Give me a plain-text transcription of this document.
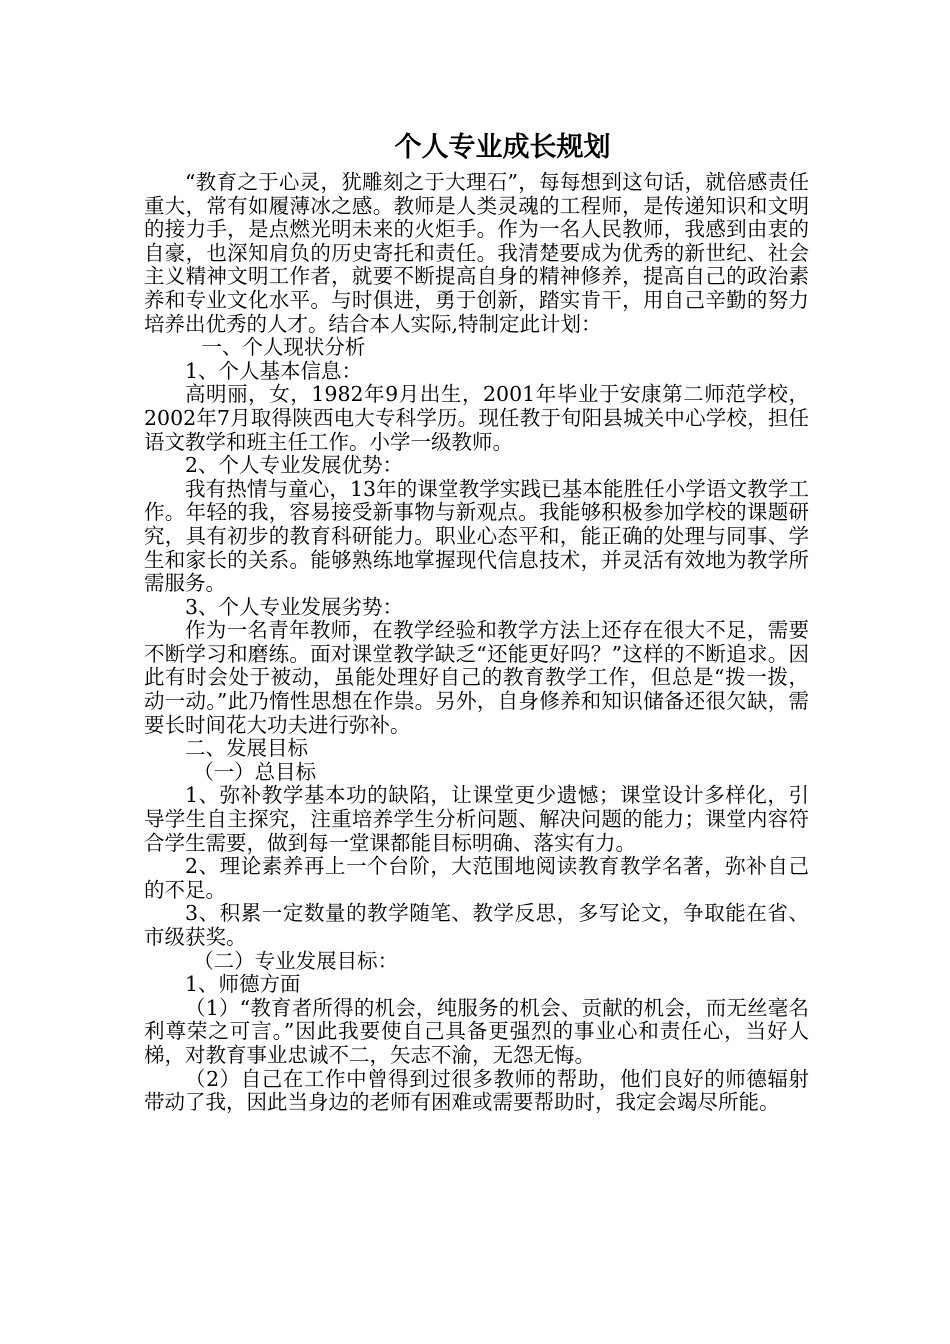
个人专业成长规划

“教育之于心灵，犹雕刻之于大理石”，每每想到这句话，就倍感责任重大，常有如履薄冰之感。教师是人类灵魂的工程师，是传递知识和文明的接力手，是点燃光明未来的火炬手。作为一名人民教师，我感到由衷的自豪，也深知肩负的历史寄托和责任。我清楚要成为优秀的新世纪、社会主义精神文明工作者，就要不断提高自身的精神修养，提高自己的政治素养和专业文化水平。与时俱进，勇于创新，踏实肯干，用自己辛勤的努力培养出优秀的人才。结合本人实际,特制定此计划：

一、个人现状分析

1、个人基本信息：

高明丽，女，1982年9月出生，2001年毕业于安康第二师范学校，2002年7月取得陕西电大专科学历。现任教于旬阳县城关中心学校，担任语文教学和班主任工作。小学一级教师。

2、个人专业发展优势：

我有热情与童心，13年的课堂教学实践已基本能胜任小学语文教学工作。年轻的我，容易接受新事物与新观点。我能够积极参加学校的课题研究，具有初步的教育科研能力。职业心态平和，能正确的处理与同事、学生和家长的关系。能够熟练地掌握现代信息技术，并灵活有效地为教学所需服务。

3、个人专业发展劣势：

作为一名青年教师，在教学经验和教学方法上还存在很大不足，需要不断学习和磨练。面对课堂教学缺乏“还能更好吗？”这样的不断追求。因此有时会处于被动，虽能处理好自己的教育教学工作，但总是“拨一拨，动一动。”此乃惰性思想在作祟。另外，自身修养和知识储备还很欠缺，需要长时间花大功夫进行弥补。

二、发展目标

（一）总目标

1、弥补教学基本功的缺陷，让课堂更少遗憾；课堂设计多样化，引导学生自主探究，注重培养学生分析问题、解决问题的能力；课堂内容符合学生需要，做到每一堂课都能目标明确、落实有力。

2、理论素养再上一个台阶，大范围地阅读教育教学名著，弥补自己的不足。

3、积累一定数量的教学随笔、教学反思，多写论文，争取能在省、市级获奖。

（二）专业发展目标：

1、师德方面

（1）“教育者所得的机会，纯服务的机会、贡献的机会，而无丝毫名利尊荣之可言。”因此我要使自己具备更强烈的事业心和责任心，当好人梯，对教育事业忠诚不二，矢志不渝，无怨无悔。

（2）自己在工作中曾得到过很多教师的帮助，他们良好的师德辐射带动了我，因此当身边的老师有困难或需要帮助时，我定会竭尽所能。
